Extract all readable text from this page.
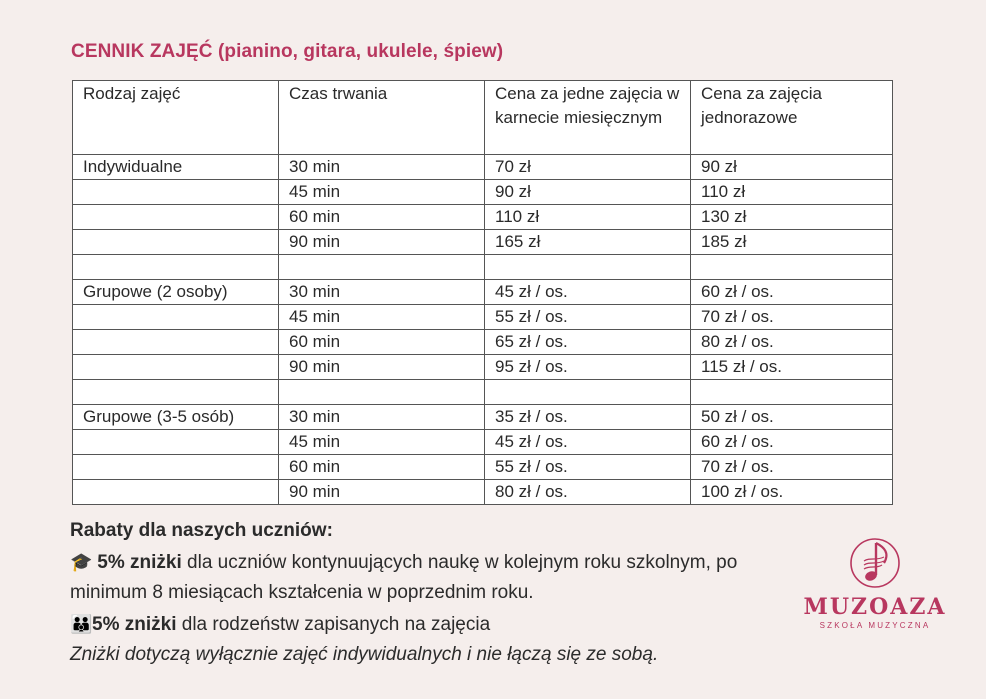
CENNIK ZAJĘĆ (pianino, gitara, ukulele, śpiew)
Rodzaj zajęć	Czas trwania	Cena za jedne zajęcia w karnecie miesięcznym	Cena za zajęcia jednorazowe
Indywidualne	30 min	70 zł	90 zł
	45 min	90 zł	110 zł
	60 min	110 zł	130 zł
	90 min	165 zł	185 zł

Grupowe (2 osoby)	30 min	45 zł / os.	60 zł / os.
	45 min	55 zł / os.	70 zł / os.
	60 min	65 zł / os.	80 zł / os.
	90 min	95 zł / os.	115 zł / os.

Grupowe (3-5 osób)	30 min	35 zł / os.	50 zł / os.
	45 min	45 zł / os.	60 zł / os.
	60 min	55 zł / os.	70 zł / os.
	90 min	80 zł / os.	100 zł / os.
Rabaty dla naszych uczniów:
🎓 5% zniżki dla uczniów kontynuujących naukę w kolejnym roku szkolnym, po minimum 8 miesiącach kształcenia w poprzednim roku.
👪5% zniżki dla rodzeństw zapisanych na zajęcia
Zniżki dotyczą wyłącznie zajęć indywidualnych i nie łączą się ze sobą.
MUZOAZA
SZKOŁA MUZYCZNA
